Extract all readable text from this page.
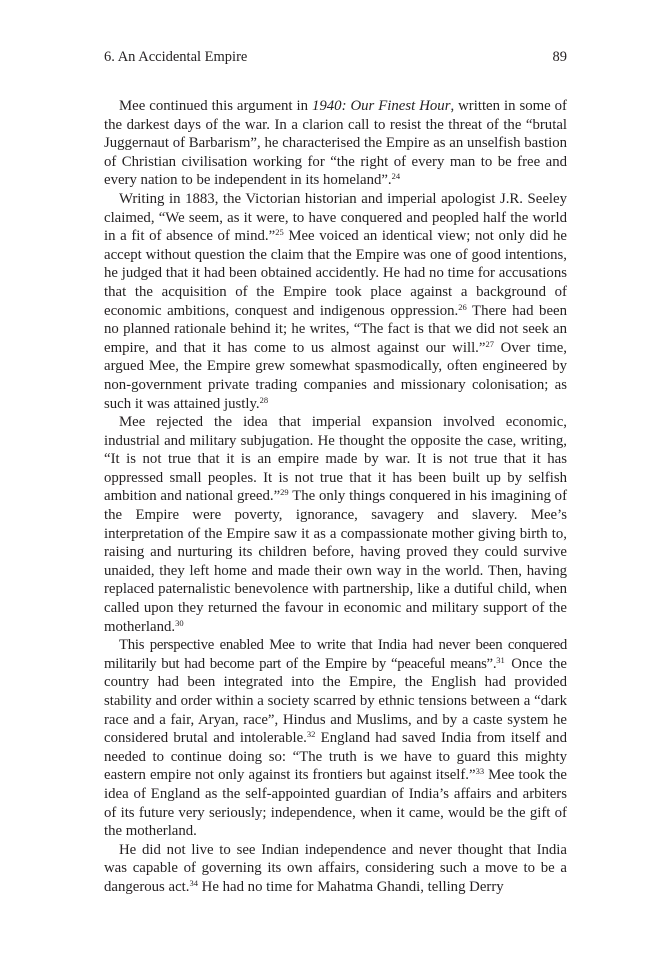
6. An Accidental Empire	89

Mee continued this argument in 1940: Our Finest Hour, written in some of the darkest days of the war. In a clarion call to resist the threat of the “brutal Juggernaut of Barbarism”, he characterised the Empire as an unselfish bastion of Christian civilisation working for “the right of every man to be free and every nation to be independent in its homeland”.$^{24}$

Writing in 1883, the Victorian historian and imperial apologist J.R. Seeley claimed, “We seem, as it were, to have conquered and peopled half the world in a fit of absence of mind.”$^{25}$ Mee voiced an identical view; not only did he accept without question the claim that the Empire was one of good intentions, he judged that it had been obtained accidently. He had no time for accusations that the acquisition of the Empire took place against a background of economic ambitions, conquest and indigenous oppression.$^{26}$ There had been no planned rationale behind it; he writes, “The fact is that we did not seek an empire, and that it has come to us almost against our will.”$^{27}$ Over time, argued Mee, the Empire grew somewhat spasmodically, often engineered by non-government private trading companies and missionary colonisation; as such it was attained justly.$^{28}$

Mee rejected the idea that imperial expansion involved economic, industrial and military subjugation. He thought the opposite the case, writing, “It is not true that it is an empire made by war. It is not true that it has oppressed small peoples. It is not true that it has been built up by selfish ambition and national greed.”$^{29}$ The only things conquered in his imagining of the Empire were poverty, ignorance, savagery and slavery. Mee’s interpretation of the Empire saw it as a compassionate mother giving birth to, raising and nurturing its children before, having proved they could survive unaided, they left home and made their own way in the world. Then, having replaced paternalistic benevolence with partnership, like a dutiful child, when called upon they returned the favour in economic and military support of the motherland.$^{30}$

This perspective enabled Mee to write that India had never been conquered militarily but had become part of the Empire by “peaceful means”.$^{31}$ Once the country had been integrated into the Empire, the English had provided stability and order within a society scarred by ethnic tensions between a “dark race and a fair, Aryan, race”, Hindus and Muslims, and by a caste system he considered brutal and intolerable.$^{32}$ England had saved India from itself and needed to continue doing so: “The truth is we have to guard this mighty eastern empire not only against its frontiers but against itself.”$^{33}$ Mee took the idea of England as the self-appointed guardian of India’s affairs and arbiters of its future very seriously; independence, when it came, would be the gift of the motherland.

He did not live to see Indian independence and never thought that India was capable of governing its own affairs, considering such a move to be a dangerous act.$^{34}$ He had no time for Mahatma Ghandi, telling Derry
